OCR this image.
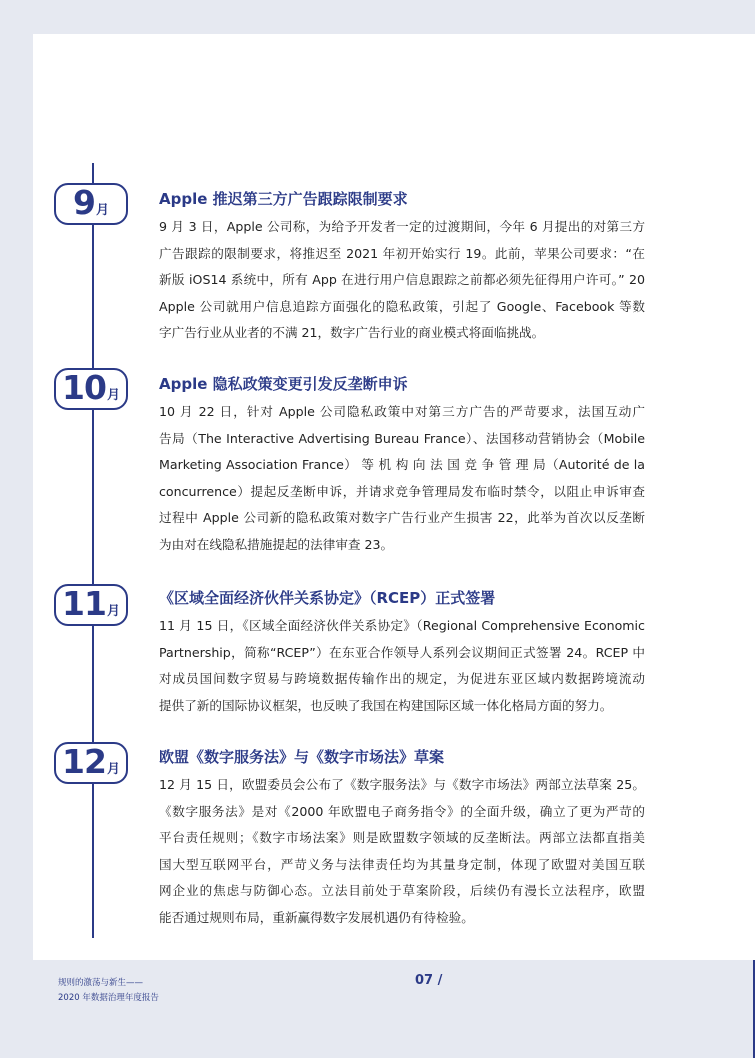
9 月
Apple 推迟第三方广告跟踪限制要求

9 月 3 日，Apple 公司称，为给予开发者一定的过渡期间，今年 6 月提出的对第三方

广告跟踪的限制要求，将推迟至 2021 年初开始实行 19。此前，苹果公司要求：“在

新版 iOS14 系统中，所有 App 在进行用户信息跟踪之前都必须先征得用户许可。” 20

Apple 公司就用户信息追踪方面强化的隐私政策，引起了 Google、Facebook 等数

字广告行业从业者的不满 21，数字广告行业的商业模式将面临挑战。

10 月
Apple 隐私政策变更引发反垄断申诉

10 月 22 日，针对 Apple 公司隐私政策中对第三方广告的严苛要求，法国互动广

告局（The Interactive Advertising Bureau France）、法国移动营销协会（Mobile

Marketing Association France） 等 机 构 向 法 国 竞 争 管 理 局（Autorité de la

concurrence）提起反垄断申诉，并请求竞争管理局发布临时禁令，以阻止申诉审查

过程中 Apple 公司新的隐私政策对数字广告行业产生损害 22，此举为首次以反垄断

为由对在线隐私措施提起的法律审查 23。

11 月
《区域全面经济伙伴关系协定》（RCEP）正式签署

11 月 15 日，《区域全面经济伙伴关系协定》（Regional Comprehensive Economic

Partnership，简称“RCEP”）在东亚合作领导人系列会议期间正式签署 24。RCEP 中

对成员国间数字贸易与跨境数据传输作出的规定，为促进东亚区域内数据跨境流动

提供了新的国际协议框架，也反映了我国在构建国际区域一体化格局方面的努力。

12 月
欧盟《数字服务法》与《数字市场法》草案

12 月 15 日，欧盟委员会公布了《数字服务法》与《数字市场法》两部立法草案 25。

《数字服务法》是对《2000 年欧盟电子商务指令》的全面升级，确立了更为严苛的

平台责任规则；《数字市场法案》则是欧盟数字领域的反垄断法。两部立法都直指美

国大型互联网平台，严苛义务与法律责任均为其量身定制，体现了欧盟对美国互联

网企业的焦虑与防御心态。立法目前处于草案阶段，后续仍有漫长立法程序，欧盟

能否通过规则布局，重新赢得数字发展机遇仍有待检验。

规则的激荡与新生——
2020 年数据治理年度报告
07 /
